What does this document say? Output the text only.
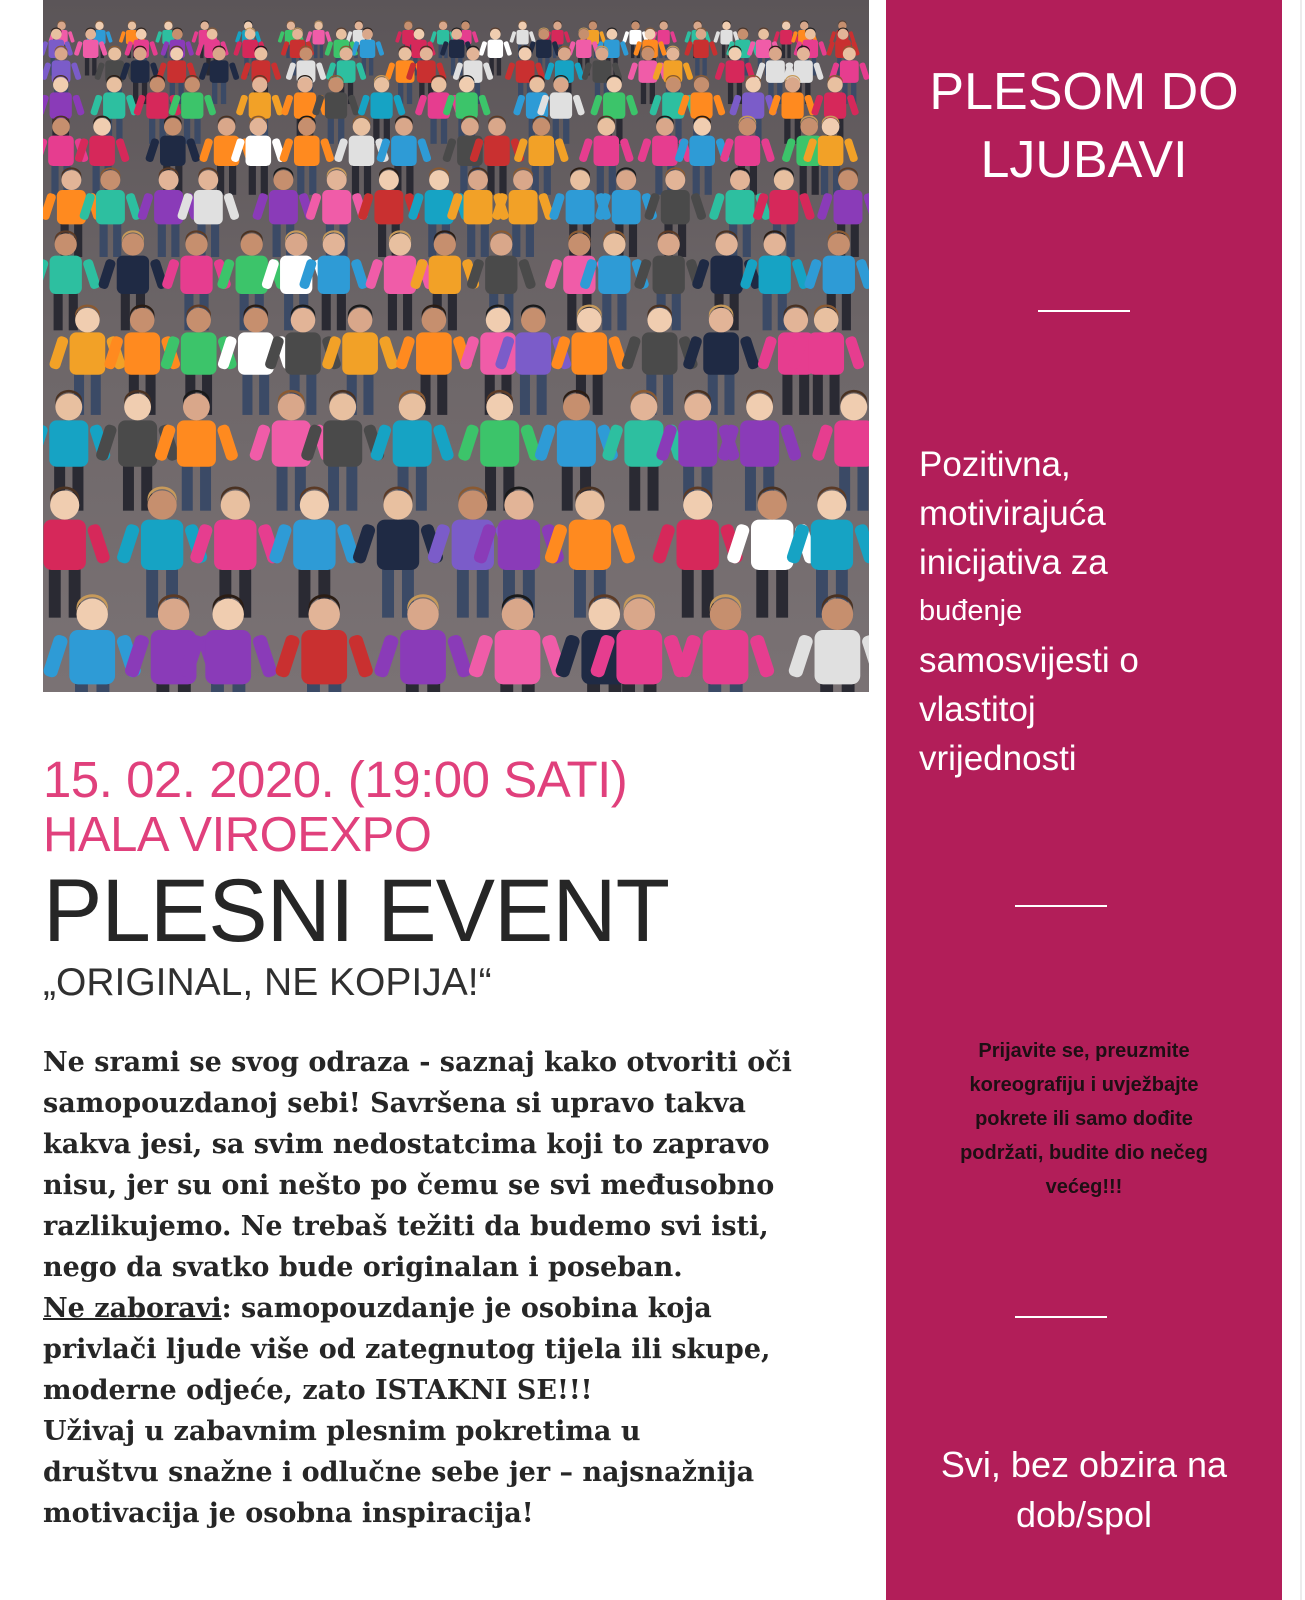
15. 02. 2020. (19:00 SATI)
HALA VIROEXPO
PLESNI EVENT
„ORIGINAL, NE KOPIJA!“

Ne srami se svog odraza - saznaj kako otvoriti oči

samopouzdanoj sebi! Savršena si upravo takva

kakva jesi, sa svim nedostatcima koji to zapravo

nisu, jer su oni nešto po čemu se svi međusobno

razlikujemo. Ne trebaš težiti da budemo svi isti,

nego da svatko bude originalan i poseban.

Ne zaboravi: samopouzdanje je osobina koja

privlači ljude više od zategnutog tijela ili skupe,

moderne odjeće, zato ISTAKNI SE!!!

Uživaj u zabavnim plesnim pokretima u

društvu snažne i odlučne sebe jer – najsnažnija

motivacija je osobna inspiracija!

PLESOM DO
LJUBAVI
Pozitivna,
motivirajuća
inicijativa za
buđenje
samosvijesti o
vlastitoj
vrijednosti
Prijavite se, preuzmite
koreografiju i uvježbajte
pokrete ili samo dođite
podržati, budite dio nečeg
većeg!!!
Svi, bez obzira na
dob/spol
